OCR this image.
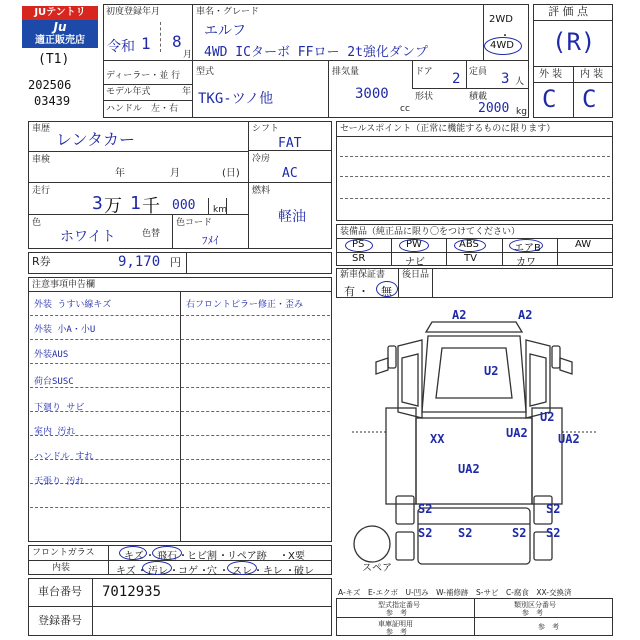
JUテントリ
Ju
適正販売店
(T1)
202506
03439
初度登録年月
令和 1 8
月
車名・グレード
エルフ
4WD ICターボ FFロー 2t強化ダンプ
2WD
・
4WD
ディーラー・並 行
モデル年式	年
ハンドル　左・右
型式
TKG-ツノ他
排気量
3000
cc
ドア 2 定員 3 人
形状	積載
2000 kg
評 価 点
(R)
外 装 内 装
C C
車歴
レンタカー
車検
年	月	(日)
走行
3 万 1 千 000 km
色
ホワイト	色替
色コード
ﾌﾒｲ
シフト
FAT
冷房
AC
燃料
軽油
R券	9,170 円
セールスポイント（正常に機能するものに限ります）
装備品（純正品に限り〇をつけてください）
PS	PW	ABS	エアB	AW
SR	ナビ	TV	カワ
新車保証書
有 ・ 無
後日品
注意事項申告欄
外装 うすい線キズ
外装 小A・小U
外装AUS
荷台SUSC
下廻り サビ
室内 汚れ
ハンドル すれ
天張り 汚れ
右フロントピラー修正・歪み
A2	A2
U2
U2
XX	UA2	UA2
UA2
S2	S2
S2 S2	S2 S2
スペア
フロントガラス
内装
キズ ・ 飛石 ・ ヒビ割 ・ リペア跡 ・ X要
キズ ・ 汚レ ・ コゲ ・
穴 ・ スレ ・ キレ ・ 破レ
車台番号 7012935
登録番号
A-キズ　E-エクボ　U-凹み　W-補修跡　S-サビ　C-腐食　XX-交換済
型式指定番号
参　考
類別区分番号
参　考
車庫証明用
参　考
参　考
